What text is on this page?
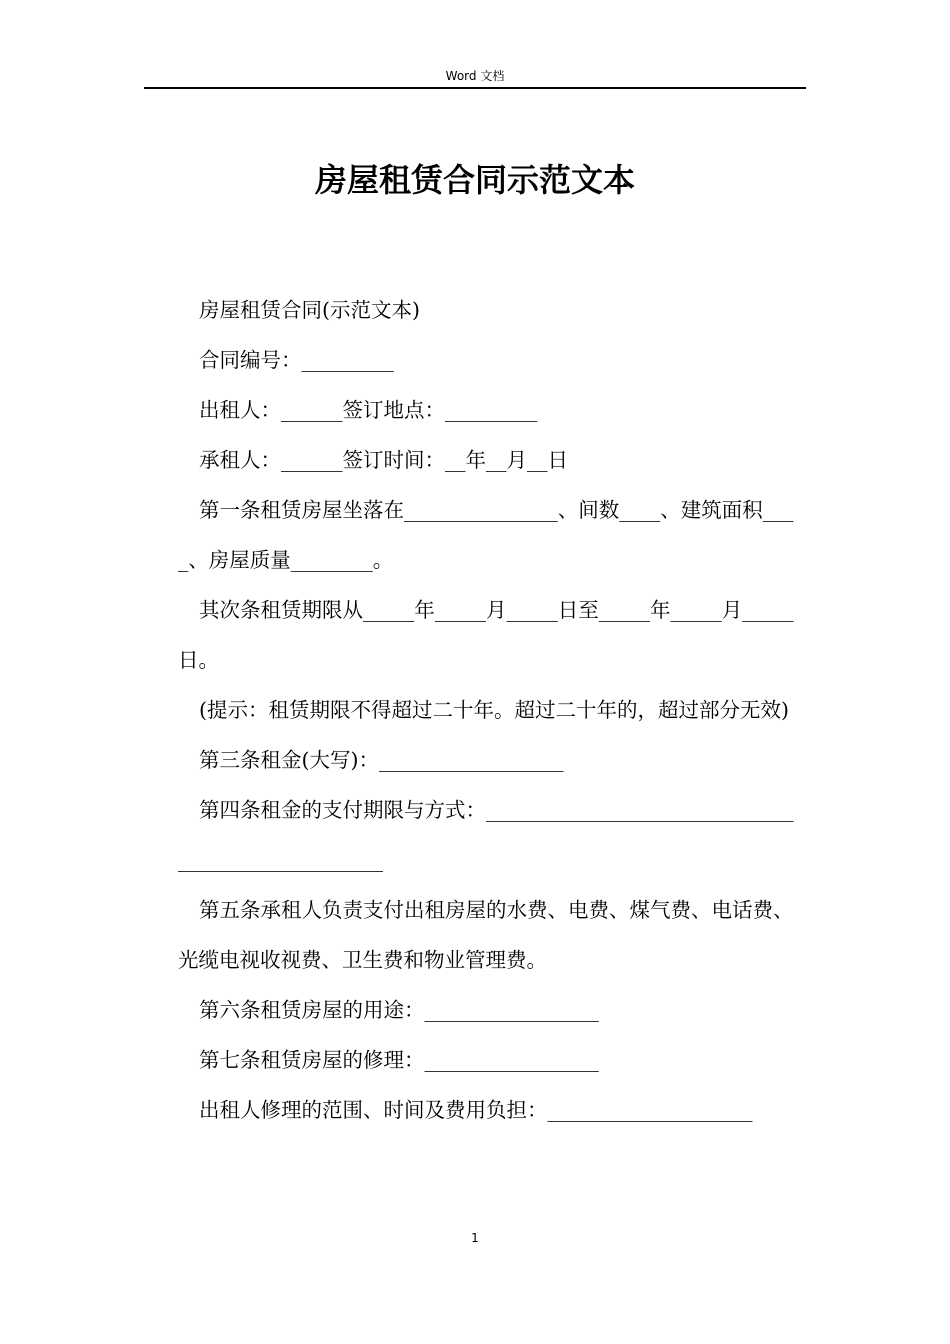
Word 文档
房屋租赁合同示范文本

房屋租赁合同(示范文本)

合同编号：_________

出租人：______签订地点：_________

承租人：______签订时间：__年__月__日

第一条租赁房屋坐落在_______________、间数____、建筑面积____、房屋质量________。

其次条租赁期限从_____年_____月_____日至_____年_____月_____日。

(提示：租赁期限不得超过二十年。超过二十年的，超过部分无效)

第三条租金(大写)：__________________

第四条租金的支付期限与方式：__________________________________________________

第五条承租人负责支付出租房屋的水费、电费、煤气费、电话费、光缆电视收视费、卫生费和物业管理费。

第六条租赁房屋的用途：_________________

第七条租赁房屋的修理：_________________

出租人修理的范围、时间及费用负担：____________________

1
